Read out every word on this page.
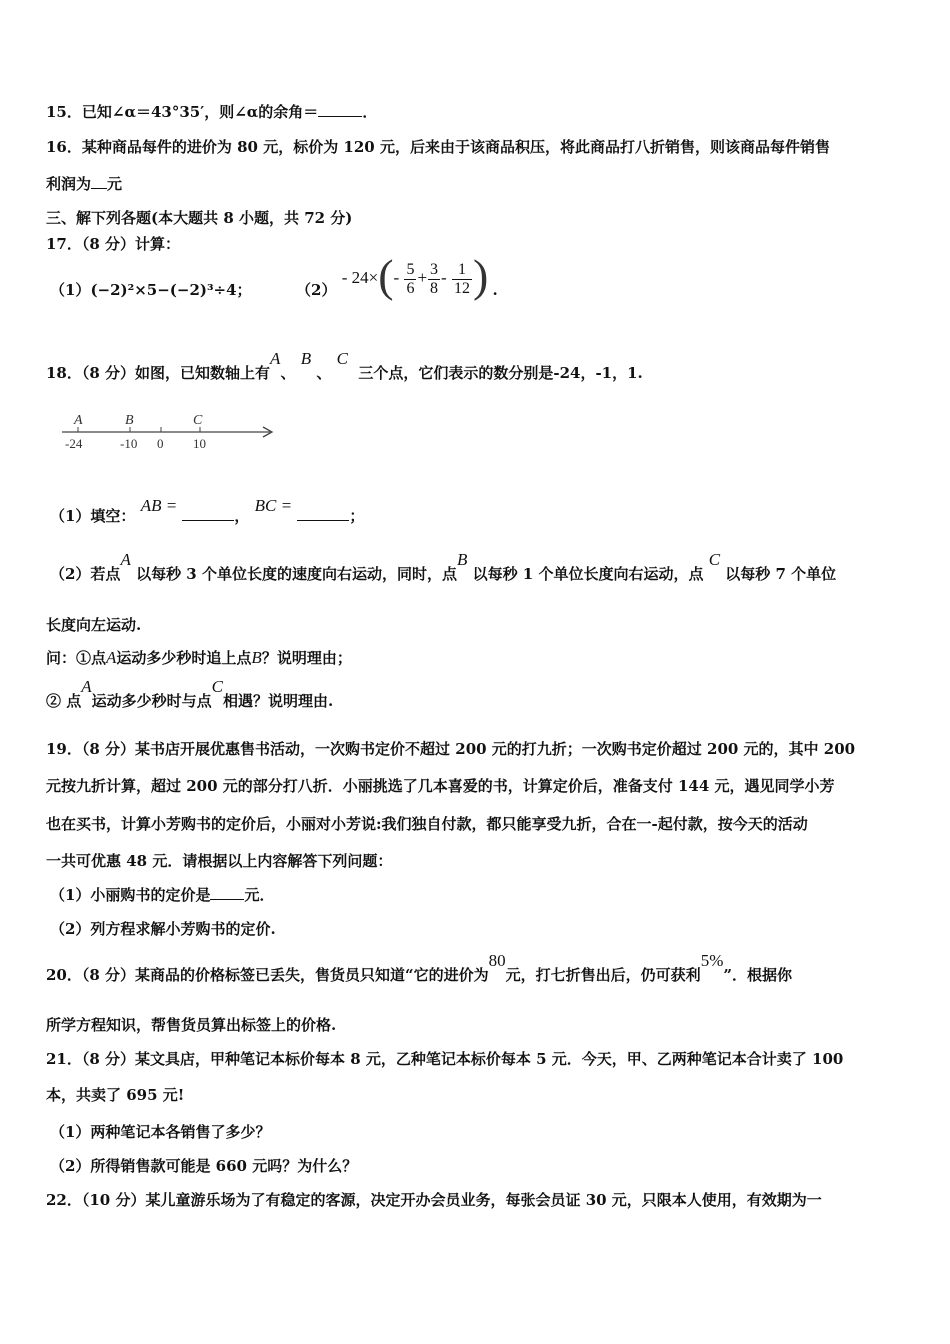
15．已知∠α＝43°35′，则∠α的余角＝	．
16．某种商品每件的进价为 80 元，标价为 120 元，后来由于该商品积压，将此商品打八折销售，则该商品每件销售
利润为 元
三、解下列各题(本大题共 8 小题，共 72 分)
17．（8 分）计算：
（1）(−2)²×5−(−2)³÷4；	$(2) - 24\times(- \frac{5}{6} + \frac{3}{8} - \frac{1}{12}$ ) .
18．（8 分）如图，已知数轴上有A、 B 、 C  三个点，它们表示的数分别是-24，-1，1.
A	B	C
-24	-10 0 10
（1）填空： AB = ， BC = ；
（2）若点A 以每秒 3 个单位长度的速度向右运动，同时，点B 以每秒 1 个单位长度向右运动，点 C 以每秒 7 个单位
长度向左运动.
问：①点A运动多少秒时追上点B？说明理由；
② 点A运动多少秒时与点C相遇？说明理由.
19．（8 分）某书店开展优惠售书活动，一次购书定价不超过 200 元的打九折；一次购书定价超过 200 元的，其中 200
元按九折计算，超过 200 元的部分打八折．小丽挑选了几本喜爱的书，计算定价后，准备支付 144 元，遇见同学小芳
也在买书，计算小芳购书的定价后，小丽对小芳说:我们独自付款，都只能享受九折，合在一-起付款，按今天的活动
一共可优惠 48 元．请根据以上内容解答下列问题：
（1）小丽购书的定价是 元．
（2）列方程求解小芳购书的定价.
20．（8 分）某商品的价格标签已丢失，售货员只知道“它的进价为80元，打七折售出后，仍可获利5%”．根据你
所学方程知识，帮售货员算出标签上的价格.
21．（8 分）某文具店，甲种笔记本标价每本 8 元，乙种笔记本标价每本 5 元．今天，甲、乙两种笔记本合计卖了 100
本，共卖了 695 元!
（1）两种笔记本各销售了多少？
（2）所得销售款可能是 660 元吗？为什么？
22．（10 分）某儿童游乐场为了有稳定的客源，决定开办会员业务，每张会员证 30 元，只限本人使用，有效期为一
